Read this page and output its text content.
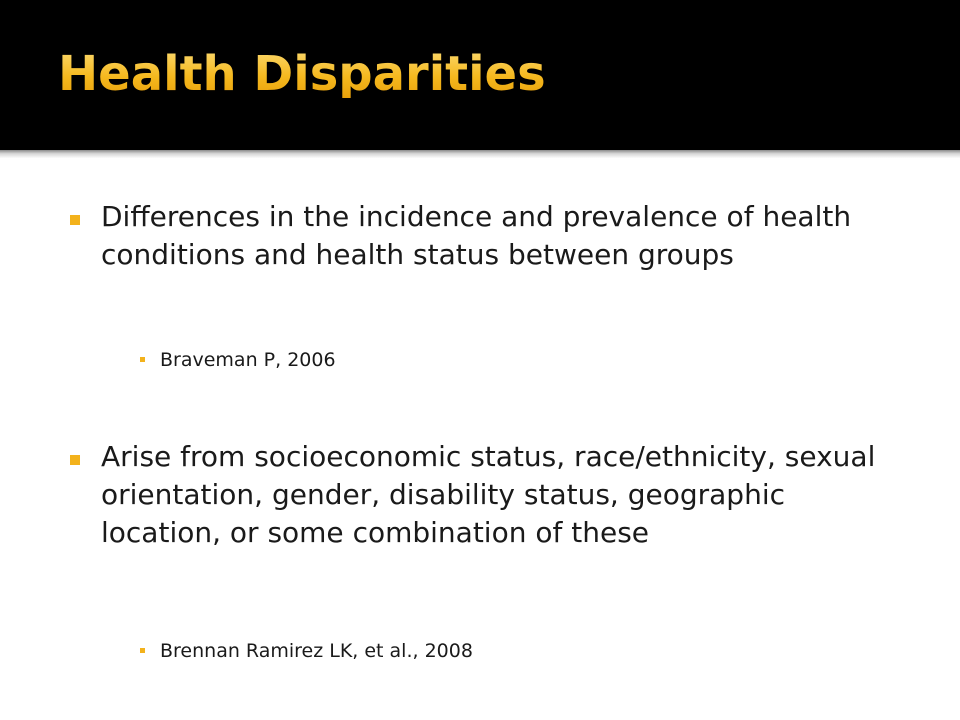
Health Disparities

Differences in the incidence and prevalence of health conditions and health status between groups

Braveman P, 2006

Arise from socioeconomic status, race/ethnicity, sexual orientation, gender, disability status, geographic location, or some combination of these

Brennan Ramirez LK, et al., 2008
